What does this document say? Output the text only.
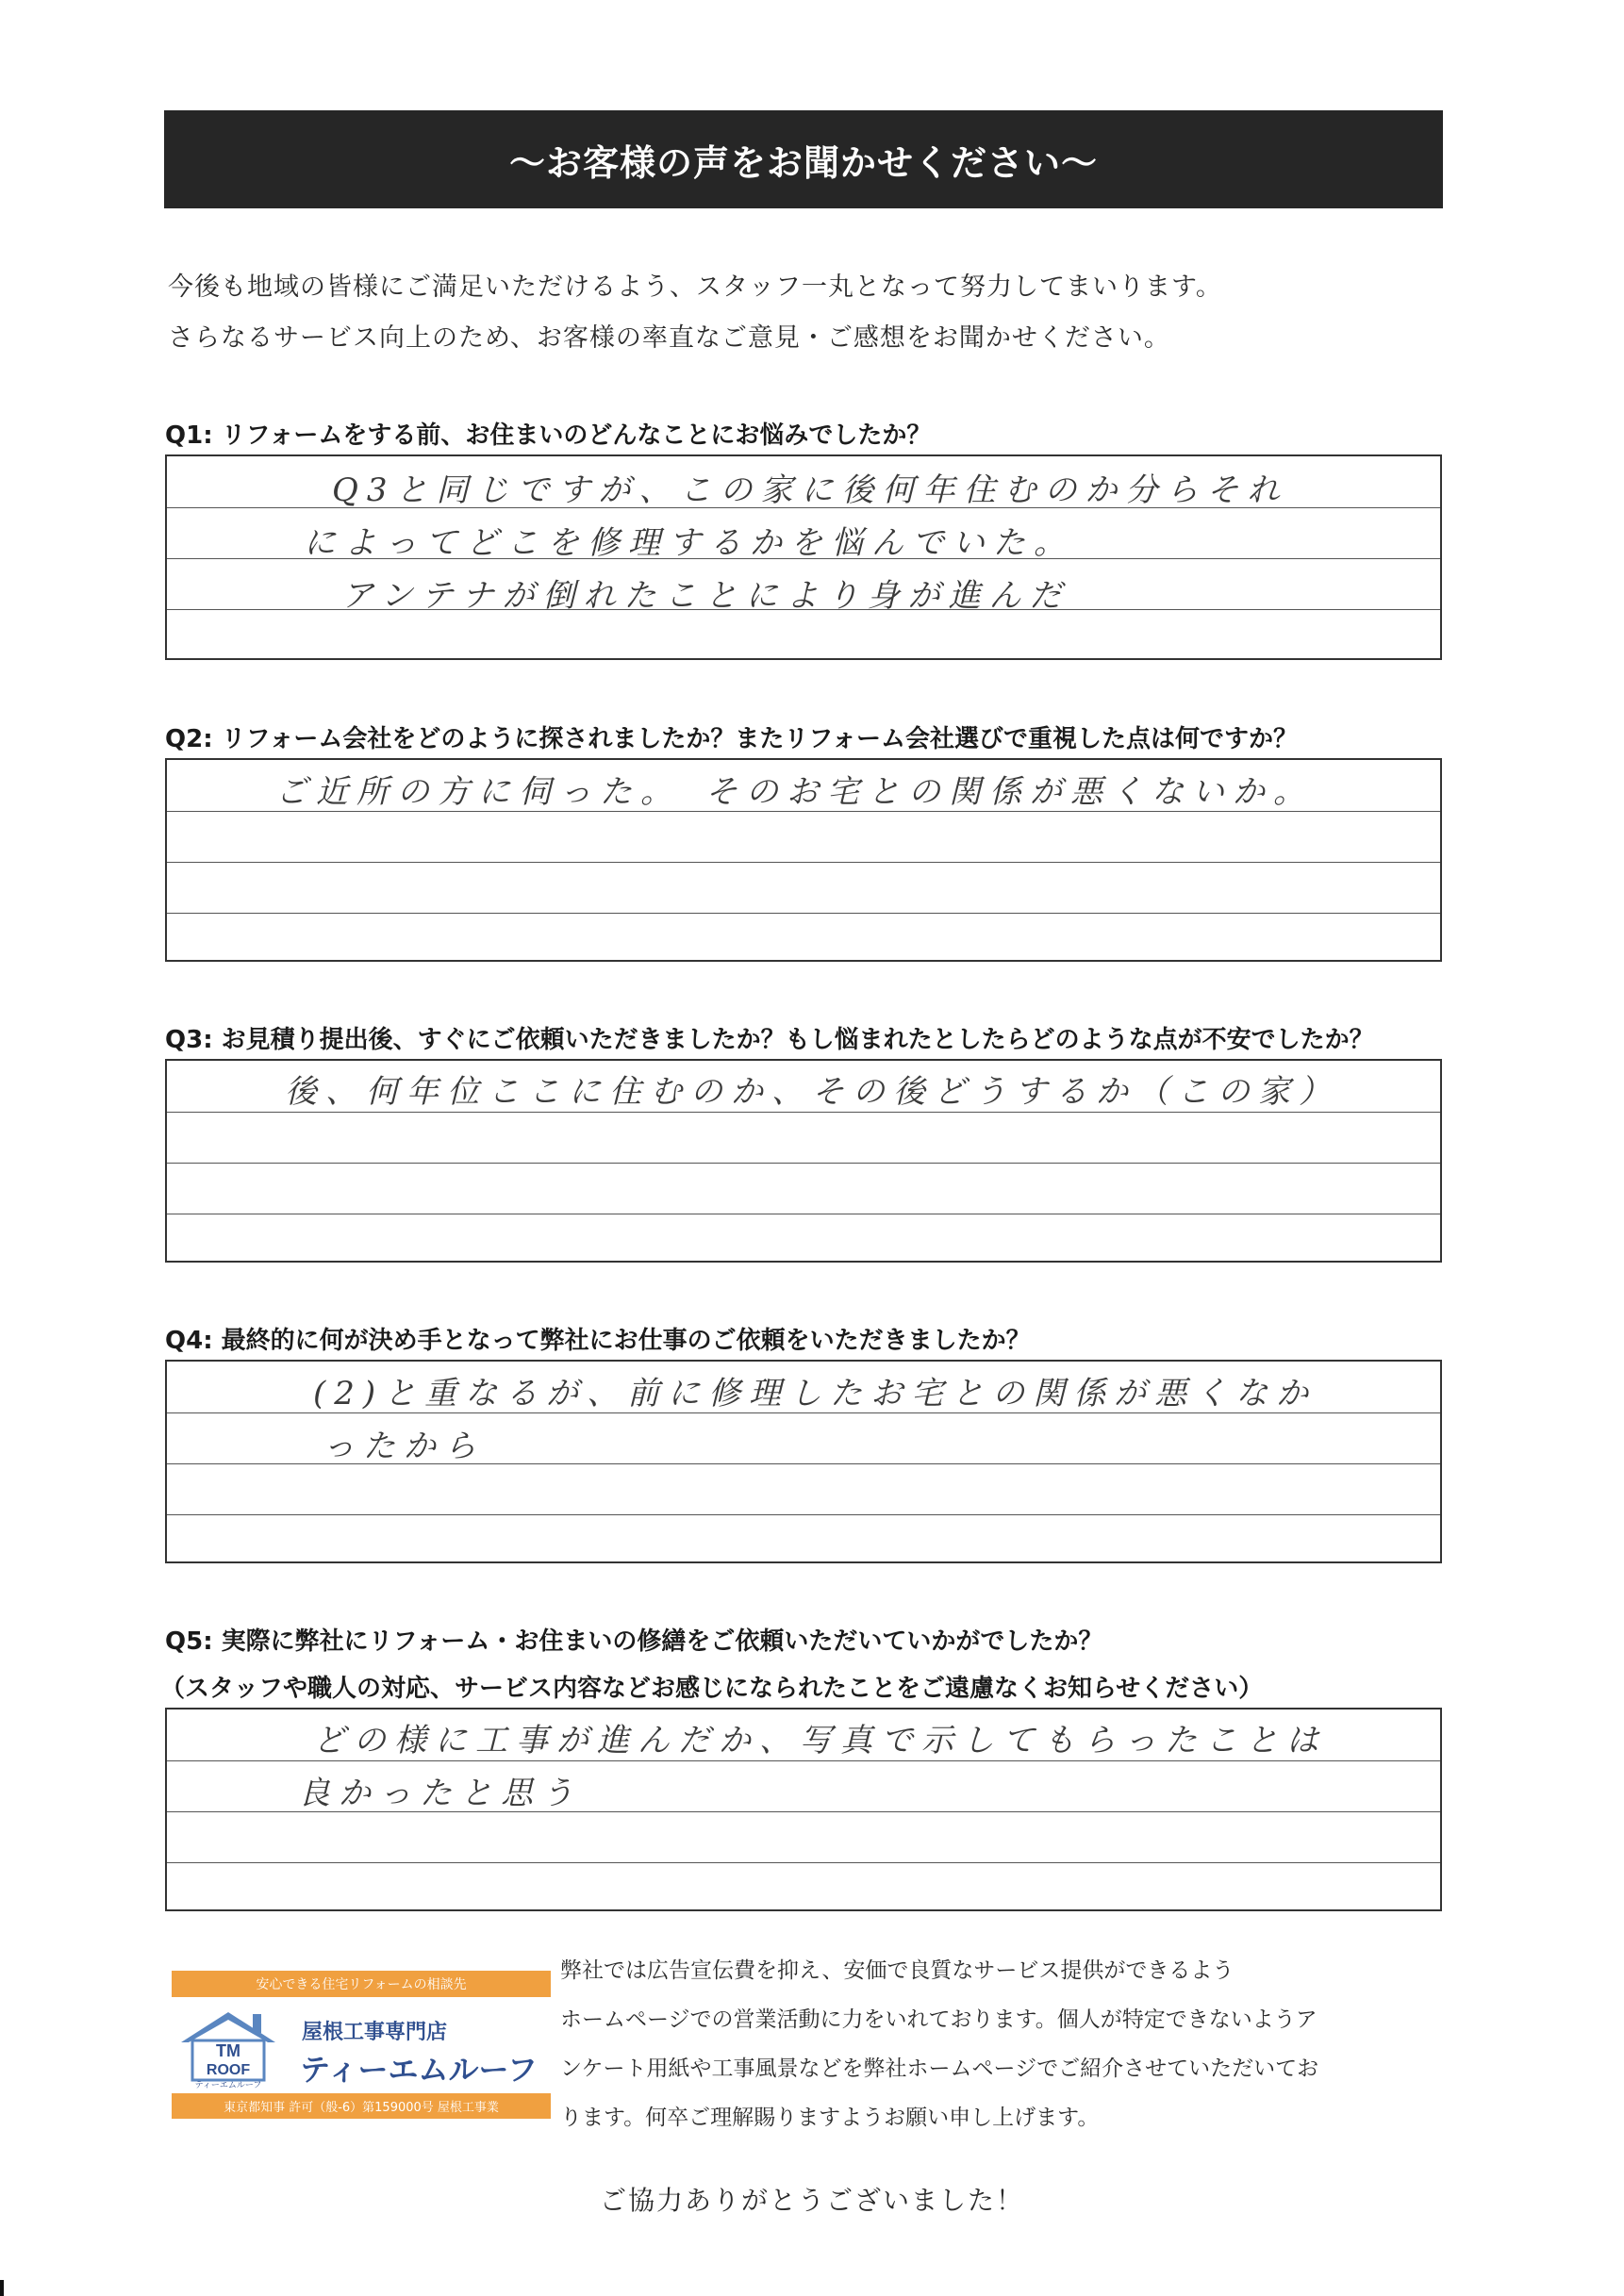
〜お客様の声をお聞かせください〜
今後も地域の皆様にご満足いただけるよう、スタッフ一丸となって努力してまいります。
さらなるサービス向上のため、お客様の率直なご意見・ご感想をお聞かせください。
Q1: リフォームをする前、お住まいのどんなことにお悩みでしたか？
Q3と同じですが、この家に後何年住むのか分らそれ
によってどこを修理するかを悩んでいた。
アンテナが倒れたことにより身が進んだ
Q2: リフォーム会社をどのように探されましたか？またリフォーム会社選びで重視した点は何ですか？
ご近所の方に伺った。　そのお宅との関係が悪くないか。
Q3: お見積り提出後、すぐにご依頼いただきましたか？もし悩まれたとしたらどのような点が不安でしたか？
後、何年位ここに住むのか、その後どうするか（この家）
Q4: 最終的に何が決め手となって弊社にお仕事のご依頼をいただきましたか？
(2)と重なるが、前に修理したお宅との関係が悪くなか
ったから
Q5: 実際に弊社にリフォーム・お住まいの修繕をご依頼いただいていかがでしたか？
（スタッフや職人の対応、サービス内容などお感じになられたことをご遠慮なくお知らせください）
どの様に工事が進んだか、写真で示してもらったことは
良かったと思う
安心できる住宅リフォームの相談先
TM
ROOF
ティーエムルーフ
屋根工事専門店
ティーエムルーフ
東京都知事 許可（般-6）第159000号 屋根工事業
弊社では広告宣伝費を抑え、安価で良質なサービス提供ができるよう
ホームページでの営業活動に力をいれております。個人が特定できないようア
ンケート用紙や工事風景などを弊社ホームページでご紹介させていただいてお
ります。何卒ご理解賜りますようお願い申し上げます。
ご協力ありがとうございました！
